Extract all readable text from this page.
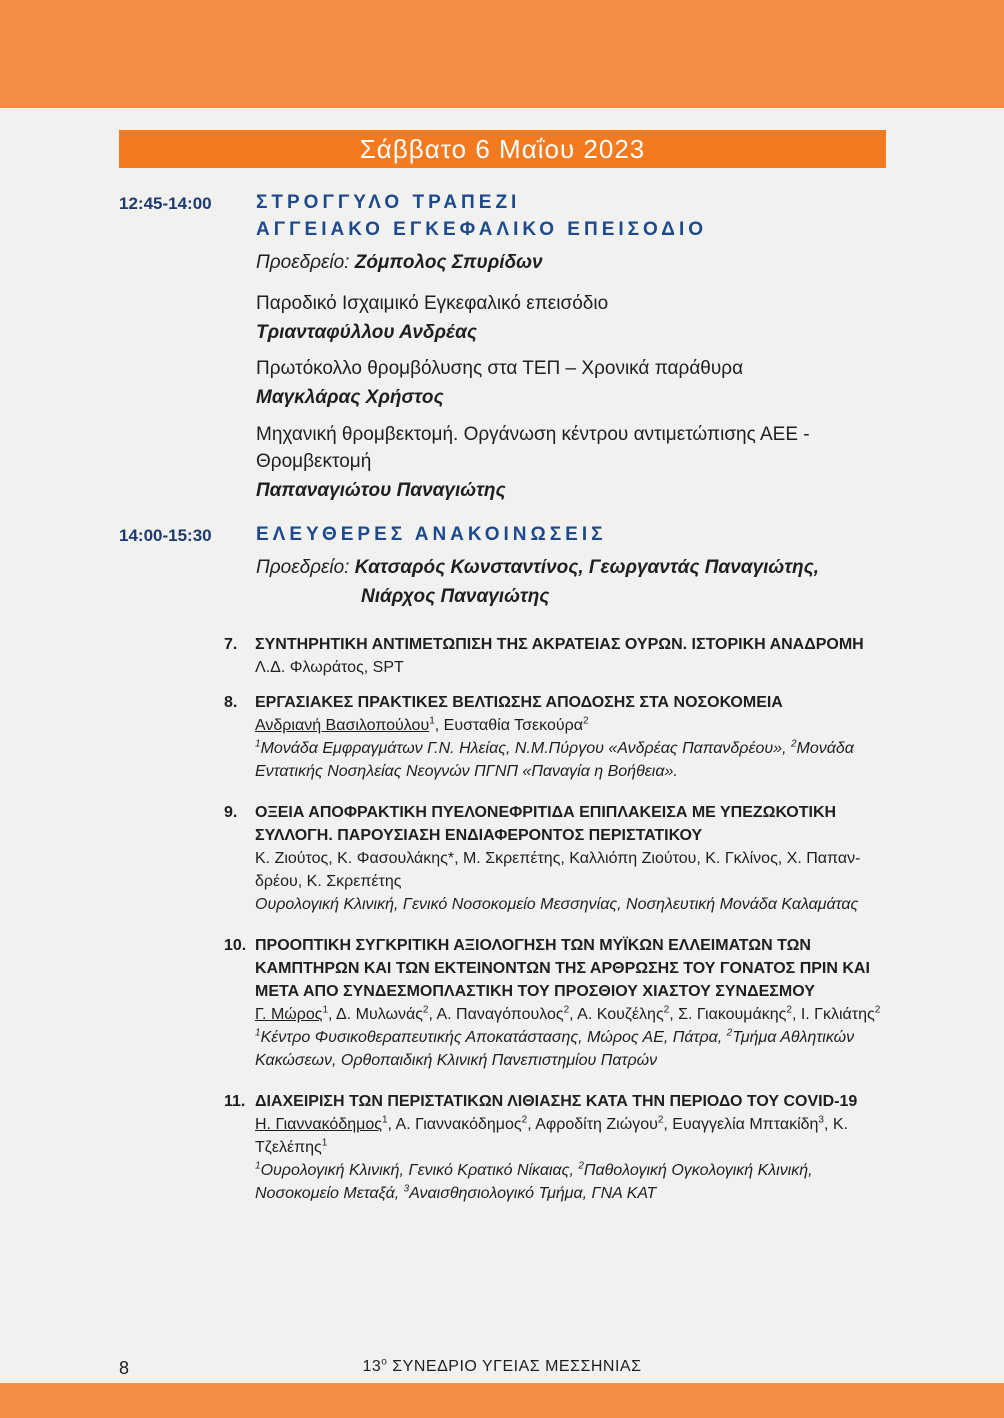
Σάββατο 6 Μαΐου 2023
12:45-14:00 ΣΤΡΟΓΓΥΛΟ ΤΡΑΠΕΖΙ
ΑΓΓΕΙΑΚΟ ΕΓΚΕΦΑΛΙΚΟ ΕΠΕΙΣΟΔΙΟ
Προεδρείο: Ζόμπολος Σπυρίδων
Παροδικό Ισχαιμικό Εγκεφαλικό επεισόδιο
Τριανταφύλλου Ανδρέας
Πρωτόκολλο θρομβόλυσης στα ΤΕΠ – Χρονικά παράθυρα
Μαγκλάρας Χρήστος
Μηχανική θρομβεκτομή. Οργάνωση κέντρου αντιμετώπισης ΑΕΕ -
Θρομβεκτομή
Παπαναγιώτου Παναγιώτης
14:00-15:30 ΕΛΕΥΘΕΡΕΣ ΑΝΑΚΟΙΝΩΣΕΙΣ
Προεδρείο: Κατσαρός Κωνσταντίνος, Γεωργαντάς Παναγιώτης,
Νιάρχος Παναγιώτης
7. ΣΥΝΤΗΡΗΤΙΚΗ ΑΝΤΙΜΕΤΩΠΙΣΗ ΤΗΣ ΑΚΡΑΤΕΙΑΣ ΟΥΡΩΝ. ΙΣΤΟΡΙΚΗ ΑΝΑΔΡΟΜΗ
Λ.Δ. Φλωράτος, SPT
8. ΕΡΓΑΣΙΑΚΕΣ ΠΡΑΚΤΙΚΕΣ ΒΕΛΤΙΩΣΗΣ ΑΠΟΔΟΣΗΣ ΣΤΑ ΝΟΣΟΚΟΜΕΙΑ
Ανδριανή Βασιλοπούλου$^1$, Ευσταθία Τσεκούρα$^2$
$^1$Μονάδα Εμφραγμάτων Γ.Ν. Ηλείας, Ν.Μ.Πύργου «Ανδρέας Παπανδρέου», $^2$Μονάδα Εντατικής Νοσηλείας Νεογνών ΠΓΝΠ «Παναγία η Βοήθεια».
9. ΟΞΕΙΑ ΑΠΟΦΡΑΚΤΙΚΗ ΠΥΕΛΟΝΕΦΡΙΤΙΔΑ ΕΠΙΠΛΑΚΕΙΣΑ ΜΕ ΥΠΕΖΩΚΟΤΙΚΗ ΣΥΛΛΟΓΗ. ΠΑΡΟΥΣΙΑΣΗ ΕΝΔΙΑΦΕΡΟΝΤΟΣ ΠΕΡΙΣΤΑΤΙΚΟΥ
Κ. Ζιούτος, Κ. Φασουλάκης*, Μ. Σκρεπέτης, Καλλιόπη Ζιούτου, Κ. Γκλίνος, Χ. Παπαν-δρέου, Κ. Σκρεπέτης
Ουρολογική Κλινική, Γενικό Νοσοκομείο Μεσσηνίας, Νοσηλευτική Μονάδα Καλαμάτας
10. ΠΡΟΟΠΤΙΚΗ ΣΥΓΚΡΙΤΙΚΗ ΑΞΙΟΛΟΓΗΣΗ ΤΩΝ ΜΥΪΚΩΝ ΕΛΛΕΙΜΑΤΩΝ ΤΩΝ ΚΑΜΠΤΗΡΩΝ ΚΑΙ ΤΩΝ ΕΚΤΕΙΝΟΝΤΩΝ ΤΗΣ ΑΡΘΡΩΣΗΣ ΤΟΥ ΓΟΝΑΤΟΣ ΠΡΙΝ ΚΑΙ ΜΕΤΑ ΑΠΟ ΣΥΝΔΕΣΜΟΠΛΑΣΤΙΚΗ ΤΟΥ ΠΡΟΣΘΙΟΥ ΧΙΑΣΤΟΥ ΣΥΝΔΕΣΜΟΥ
Γ. Μώρος$^1$, Δ. Μυλωνάς$^2$, Α. Παναγόπουλος$^2$, Α. Κουζέλης$^2$, Σ. Γιακουμάκης$^2$, Ι. Γκλιάτης$^2$
$^1$Κέντρο Φυσικοθεραπευτικής Αποκατάστασης, Μώρος ΑΕ, Πάτρα, $^2$Τμήμα Αθλητικών Κακώσεων, Ορθοπαιδική Κλινική Πανεπιστημίου Πατρών
11. ΔΙΑΧΕΙΡΙΣΗ ΤΩΝ ΠΕΡΙΣΤΑΤΙΚΩΝ ΛΙΘΙΑΣΗΣ ΚΑΤΑ ΤΗΝ ΠΕΡΙΟΔΟ ΤΟΥ COVID-19
Η. Γιαννακόδημος$^1$, Α. Γιαννακόδημος$^2$, Αφροδίτη Ζιώγου$^2$, Ευαγγελία Μπτακίδη$^3$, Κ. Τζελέπης$^1$
$^1$Ουρολογική Κλινική, Γενικό Κρατικό Νίκαιας, $^2$Παθολογική Ογκολογική Κλινική, Νοσοκομείο Μεταξά, $^3$Αναισθησιολογικό Τμήμα, ΓΝΑ ΚΑΤ
8	$13^o$ ΣΥΝΕΔΡΙΟ ΥΓΕΙΑΣ ΜΕΣΣΗΝΙΑΣ
